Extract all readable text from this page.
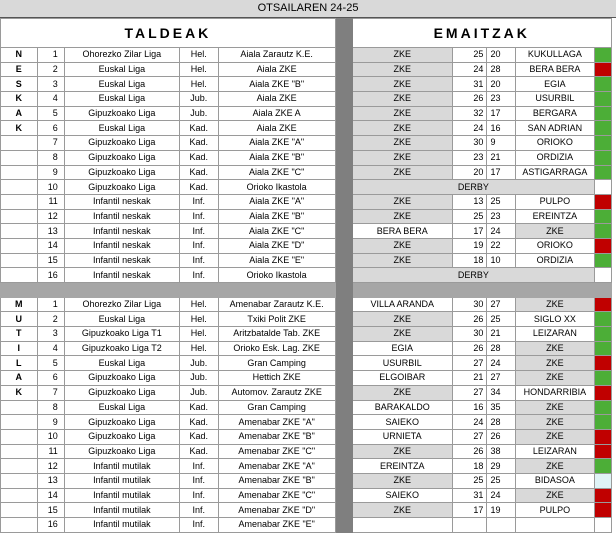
OTSAILAREN 24-25
TALDEAK						EMAITZAK				
N	1	Ohorezko Zilar Liga	Hel.	Aiala Zarautz K.E.		ZKE	25	20	KUKULLAGA	
E	2	Euskal Liga	Hel.	Aiala ZKE		ZKE	24	28	BERA BERA	
S	3	Euskal Liga	Hel.	Aiala ZKE "B"		ZKE	31	20	EGIA	
K	4	Euskal Liga	Jub.	Aiala ZKE		ZKE	26	23	USURBIL	
A	5	Gipuzkoako Liga	Jub.	Aiala ZKE A		ZKE	32	17	BERGARA	
K	6	Euskal Liga	Kad.	Aiala ZKE		ZKE	24	16	SAN ADRIAN	
	7	Gipuzkoako Liga	Kad.	Aiala ZKE "A"		ZKE	30	9	ORIOKO	
	8	Gipuzkoako Liga	Kad.	Aiala ZKE "B"		ZKE	23	21	ORDIZIA	
	9	Gipuzkoako Liga	Kad.	Aiala ZKE "C"		ZKE	20	17	ASTIGARRAGA	
	10	Gipuzkoako Liga	Kad.	Orioko Ikastola		DERBY				
	11	Infantil neskak	Inf.	Aiala ZKE "A"		ZKE	13	25	PULPO	
	12	Infantil neskak	Inf.	Aiala ZKE "B"		ZKE	25	23	EREINTZA	
	13	Infantil neskak	Inf.	Aiala ZKE "C"		BERA BERA	17	24	ZKE	
	14	Infantil neskak	Inf.	Aiala ZKE "D"		ZKE	19	22	ORIOKO	
	15	Infantil neskak	Inf.	Aiala ZKE "E"		ZKE	18	10	ORDIZIA	
	16	Infantil neskak	Inf.	Orioko Ikastola		DERBY				

M	1	Ohorezko Zilar Liga	Hel.	Amenabar Zarautz K.E.		VILLA ARANDA	30	27	ZKE	
U	2	Euskal Liga	Hel.	Txiki Polit ZKE		ZKE	26	25	SIGLO XX	
T	3	Gipuzkoako Liga T1	Hel.	Aritzbatalde Tab. ZKE		ZKE	30	21	LEIZARAN	
I	4	Gipuzkoako Liga T2	Hel.	Orioko Esk. Lag. ZKE		EGIA	26	28	ZKE	
L	5	Euskal Liga	Jub.	Gran Camping		USURBIL	27	24	ZKE	
A	6	Gipuzkoako Liga	Jub.	Hettich ZKE		ELGOIBAR	21	27	ZKE	
K	7	Gipuzkoako Liga	Jub.	Automov. Zarautz ZKE		ZKE	27	34	HONDARRIBIA	
	8	Euskal Liga	Kad.	Gran Camping		BARAKALDO	16	35	ZKE	
	9	Gipuzkoako Liga	Kad.	Amenabar ZKE "A"		SAIEKO	24	28	ZKE	
	10	Gipuzkoako Liga	Kad.	Amenabar ZKE "B"		URNIETA	27	26	ZKE	
	11	Gipuzkoako Liga	Kad.	Amenabar ZKE "C"		ZKE	26	38	LEIZARAN	
	12	Infantil mutilak	Inf.	Amenabar ZKE "A"		EREINTZA	18	29	ZKE	
	13	Infantil mutilak	Inf.	Amenabar ZKE "B"		ZKE	25	25	BIDASOA	
	14	Infantil mutilak	Inf.	Amenabar ZKE "C"		SAIEKO	31	24	ZKE	
	15	Infantil mutilak	Inf.	Amenabar ZKE "D"		ZKE	17	19	PULPO	
	16	Infantil mutilak	Inf.	Amenabar ZKE "E"						
